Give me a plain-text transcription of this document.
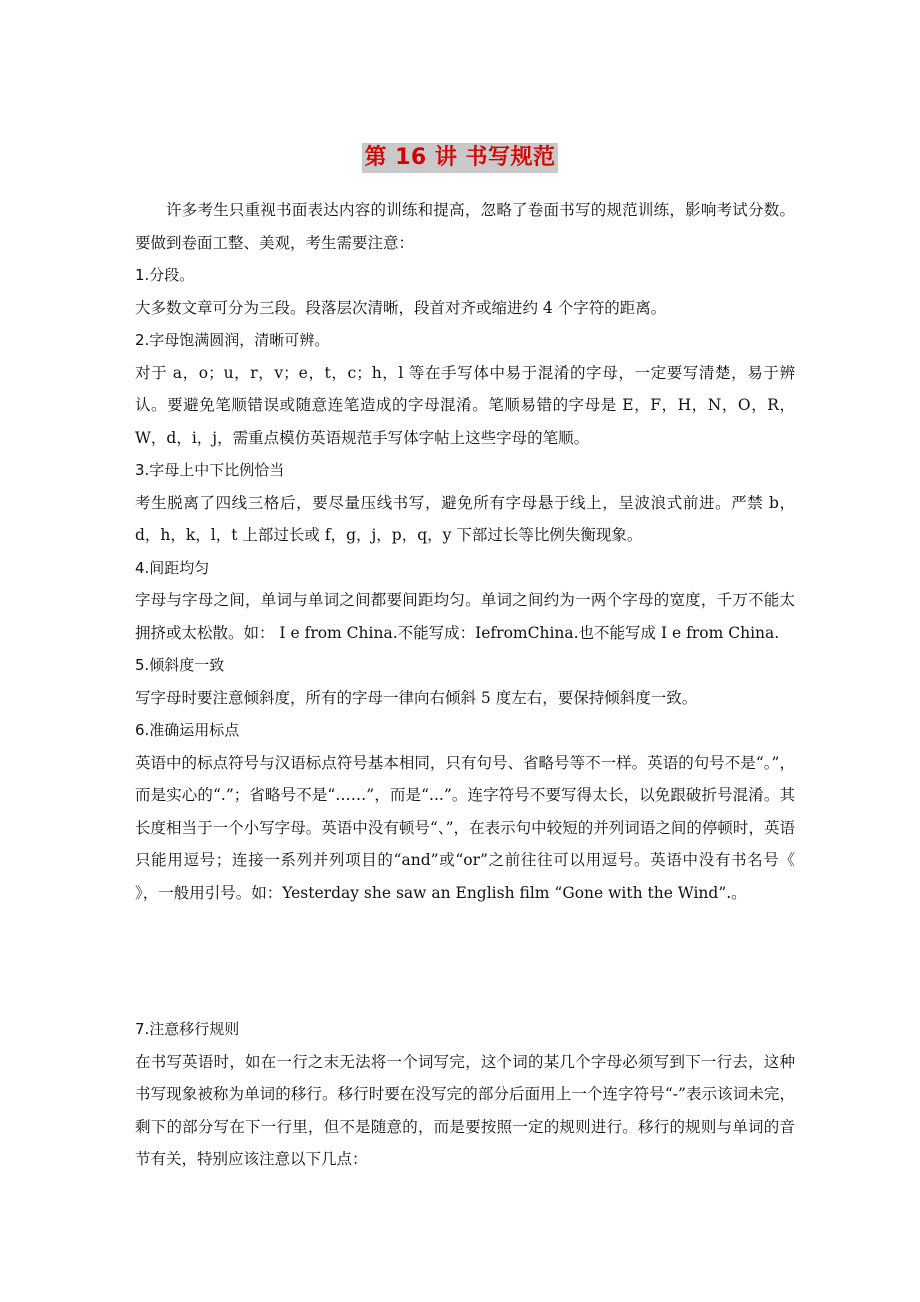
第 16 讲 书写规范

许多考生只重视书面表达内容的训练和提高，忽略了卷面书写的规范训练，影响考试分数。要做到卷面工整、美观，考生需要注意：

1.分段。

大多数文章可分为三段。段落层次清晰，段首对齐或缩进约 4 个字符的距离。

2.字母饱满圆润，清晰可辨。

对于 a，o；u，r，v；e，t，c；h，l 等在手写体中易于混淆的字母，一定要写清楚，易于辨认。要避免笔顺错误或随意连笔造成的字母混淆。笔顺易错的字母是 E，F，H，N，O，R，W，d，i，j，需重点模仿英语规范手写体字帖上这些字母的笔顺。

3.字母上中下比例恰当

考生脱离了四线三格后，要尽量压线书写，避免所有字母悬于线上，呈波浪式前进。严禁 b，d，h，k，l，t 上部过长或 f，g，j，p，q，y 下部过长等比例失衡现象。

4.间距均匀

字母与字母之间，单词与单词之间都要间距均匀。单词之间约为一两个字母的宽度，千万不能太拥挤或太松散。如： I e from China.不能写成：IefromChina.也不能写成 I e from China.

5.倾斜度一致

写字母时要注意倾斜度，所有的字母一律向右倾斜 5 度左右，要保持倾斜度一致。

6.准确运用标点

英语中的标点符号与汉语标点符号基本相同，只有句号、省略号等不一样。英语的句号不是“。”，而是实心的“.”；省略号不是“……”，而是“...”。连字符号不要写得太长，以免跟破折号混淆。其长度相当于一个小写字母。英语中没有顿号“、”，在表示句中较短的并列词语之间的停顿时，英语只能用逗号；连接一系列并列项目的“and”或“or”之前往往可以用逗号。英语中没有书名号《 》，一般用引号。如：Yesterday she saw an English film “Gone with the Wind”.。

7.注意移行规则

在书写英语时，如在一行之末无法将一个词写完，这个词的某几个字母必须写到下一行去，这种书写现象被称为单词的移行。移行时要在没写完的部分后面用上一个连字符号“-”表示该词未完，剩下的部分写在下一行里，但不是随意的，而是要按照一定的规则进行。移行的规则与单词的音节有关，特别应该注意以下几点：
